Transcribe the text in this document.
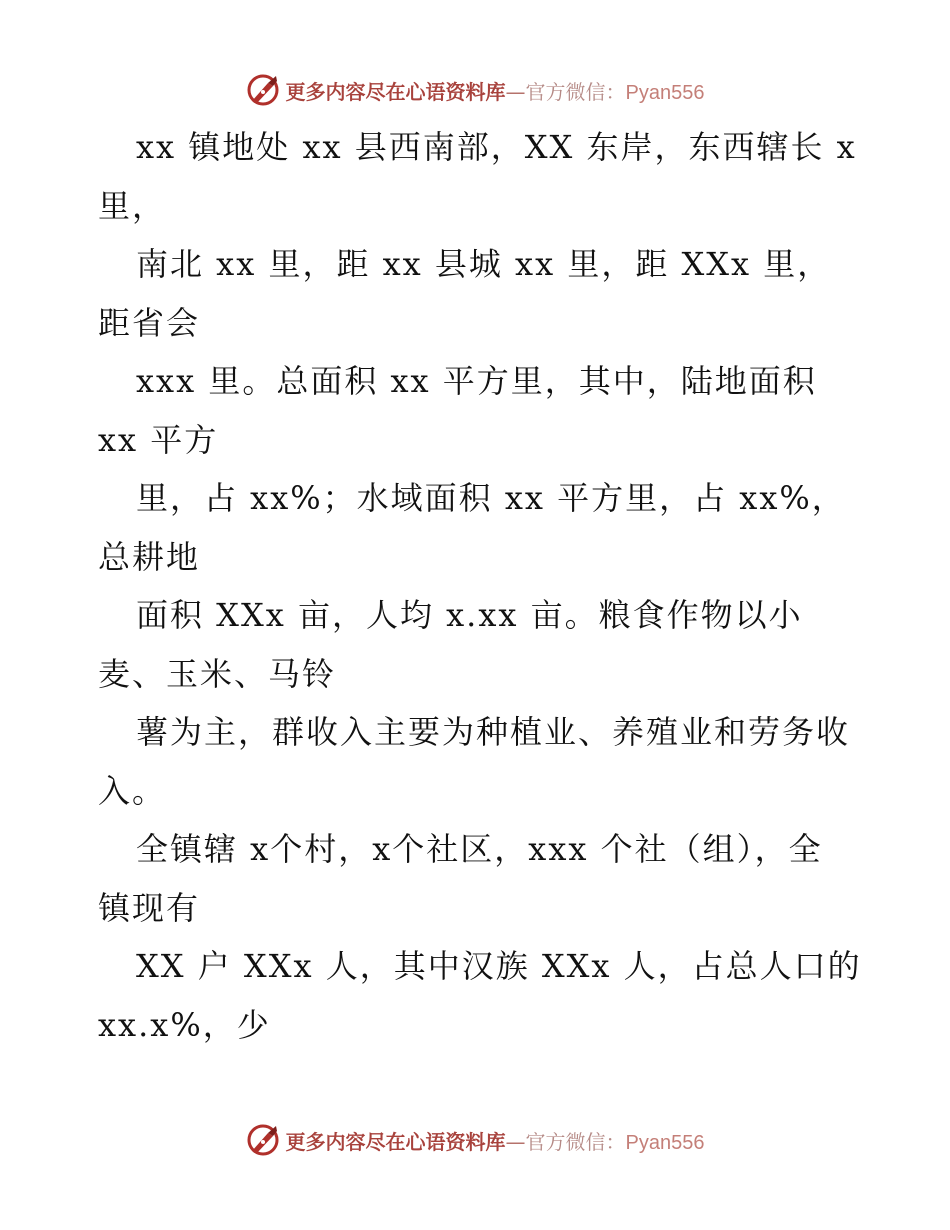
更多内容尽在心语资料库—官方微信：Pyan556
xx 镇地处 xx 县西南部，XX 东岸，东西辖长 x
里，
南北 xx 里，距 xx 县城 xx 里，距 XXx 里，
距省会
xxx 里。总面积 xx 平方里，其中，陆地面积
xx 平方
里，占 xx%；水域面积 xx 平方里，占 xx%，
总耕地
面积 XXx 亩，人均 x.xx 亩。粮食作物以小
麦、玉米、马铃
薯为主，群收入主要为种植业、养殖业和劳务收
入。
全镇辖 x个村，x个社区，xxx 个社（组），全
镇现有
XX 户 XXx 人，其中汉族 XXx 人，占总人口的
xx.x%，少
更多内容尽在心语资料库—官方微信：Pyan556
